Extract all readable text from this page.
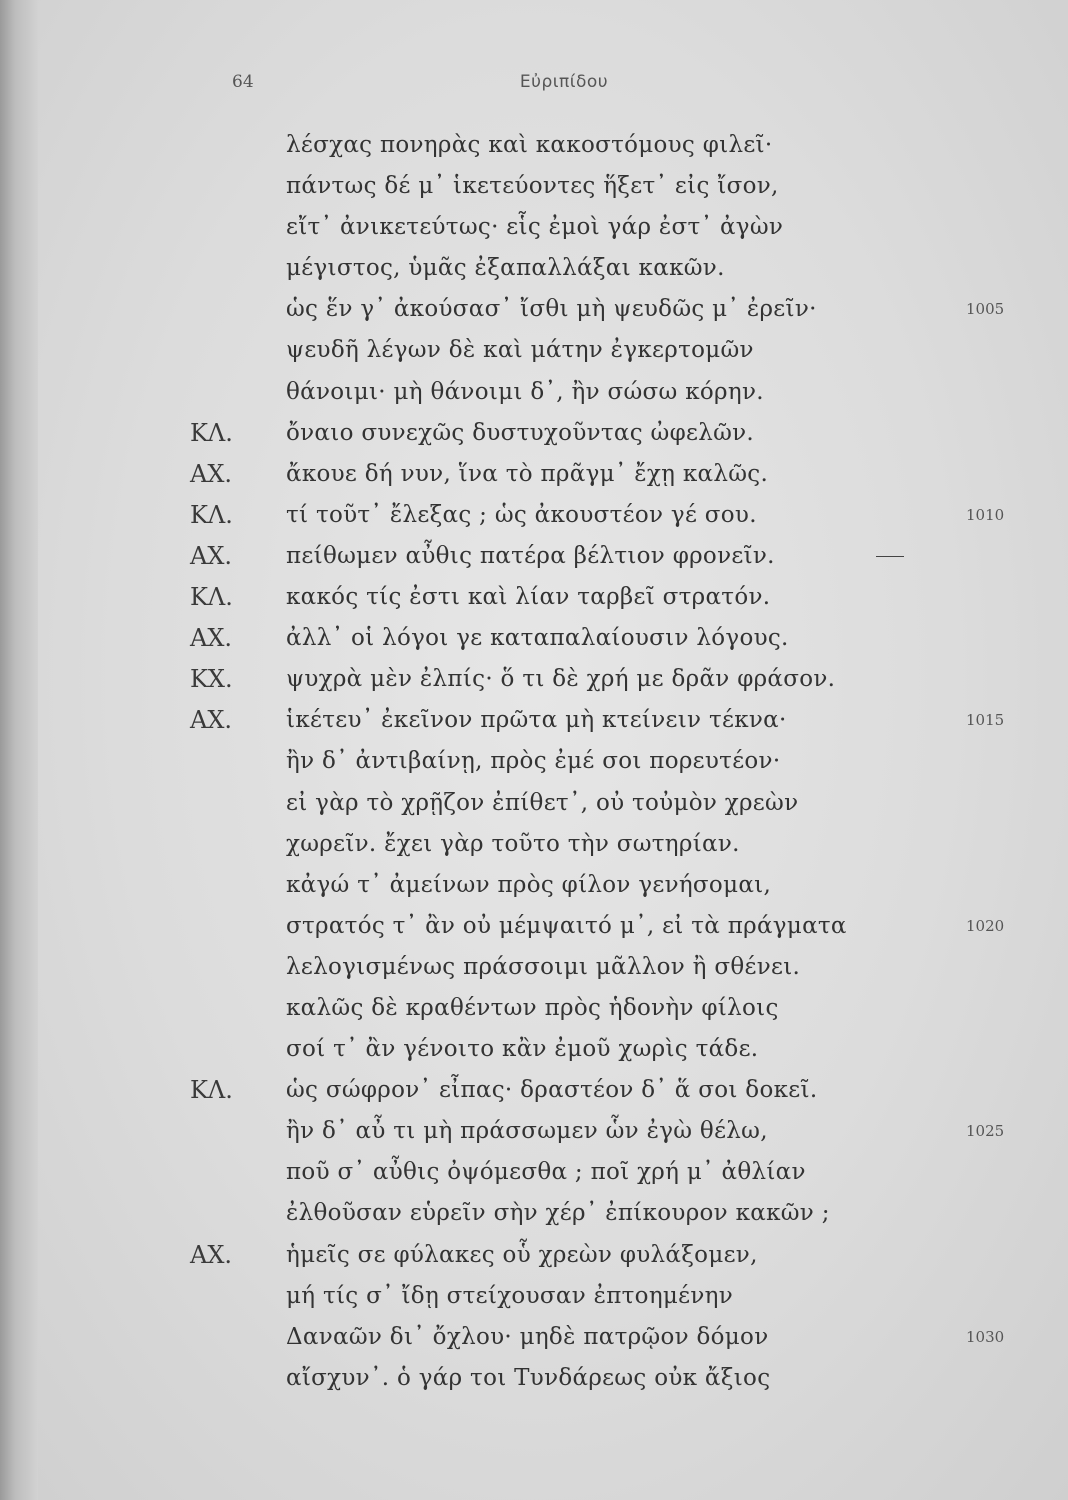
64	Εὐριπίδου
λέσχας πονηρὰς καὶ κακοστόμους φιλεῖ·
πάντως δέ μ᾽ ἱκετεύοντες ἥξετ᾽ εἰς ἴσον,
εἴτ᾽ ἀνικετεύτως· εἷς ἐμοὶ γάρ ἐστ᾽ ἀγὼν
μέγιστος, ὑμᾶς ἐξαπαλλάξαι κακῶν.
ὡς ἕν γ᾽ ἀκούσασ᾽ ἴσθι μὴ ψευδῶς μ᾽ ἐρεῖν·	1005
ψευδῆ λέγων δὲ καὶ μάτην ἐγκερτομῶν
θάνοιμι· μὴ θάνοιμι δ᾽, ἢν σώσω κόρην.
ΚΛ. ὄναιο συνεχῶς δυστυχοῦντας ὠφελῶν.
ΑΧ. ἄκουε δή νυν, ἵνα τὸ πρᾶγμ᾽ ἔχῃ καλῶς.
ΚΛ. τί τοῦτ᾽ ἔλεξας ; ὡς ἀκουστέον γέ σου.	1010
ΑΧ. πείθωμεν αὖθις πατέρα βέλτιον φρονεῖν.
ΚΛ. κακός τίς ἐστι καὶ λίαν ταρβεῖ στρατόν.
ΑΧ. ἀλλ᾽ οἱ λόγοι γε καταπαλαίουσιν λόγους.
ΚΧ. ψυχρὰ μὲν ἐλπίς· ὅ τι δὲ χρή με δρᾶν φράσον.
ΑΧ. ἱκέτευ᾽ ἐκεῖνον πρῶτα μὴ κτείνειν τέκνα·	1015
ἢν δ᾽ ἀντιβαίνῃ, πρὸς ἐμέ σοι πορευτέον·
εἰ γὰρ τὸ χρῇζον ἐπίθετ᾽, οὐ τοὐμὸν χρεὼν
χωρεῖν. ἔχει γὰρ τοῦτο τὴν σωτηρίαν.
κἀγώ τ᾽ ἀμείνων πρὸς φίλον γενήσομαι,
στρατός τ᾽ ἂν οὐ μέμψαιτό μ᾽, εἰ τὰ πράγματα	1020
λελογισμένως πράσσοιμι μᾶλλον ἢ σθένει.
καλῶς δὲ κραθέντων πρὸς ἡδονὴν φίλοις
σοί τ᾽ ἂν γένοιτο κἂν ἐμοῦ χωρὶς τάδε.
ΚΛ. ὡς σώφρον᾽ εἶπας· δραστέον δ᾽ ἅ σοι δοκεῖ.
ἢν δ᾽ αὖ τι μὴ πράσσωμεν ὧν ἐγὼ θέλω,	1025
ποῦ σ᾽ αὖθις ὀψόμεσθα ; ποῖ χρή μ᾽ ἀθλίαν
ἐλθοῦσαν εὑρεῖν σὴν χέρ᾽ ἐπίκουρον κακῶν ;
ΑΧ. ἡμεῖς σε φύλακες οὗ χρεὼν φυλάξομεν,
μή τίς σ᾽ ἴδῃ στείχουσαν ἐπτοημένην
Δαναῶν δι᾽ ὄχλου· μηδὲ πατρῷον δόμον	1030
αἴσχυν᾽. ὁ γάρ τοι Τυνδάρεως οὐκ ἄξιος
